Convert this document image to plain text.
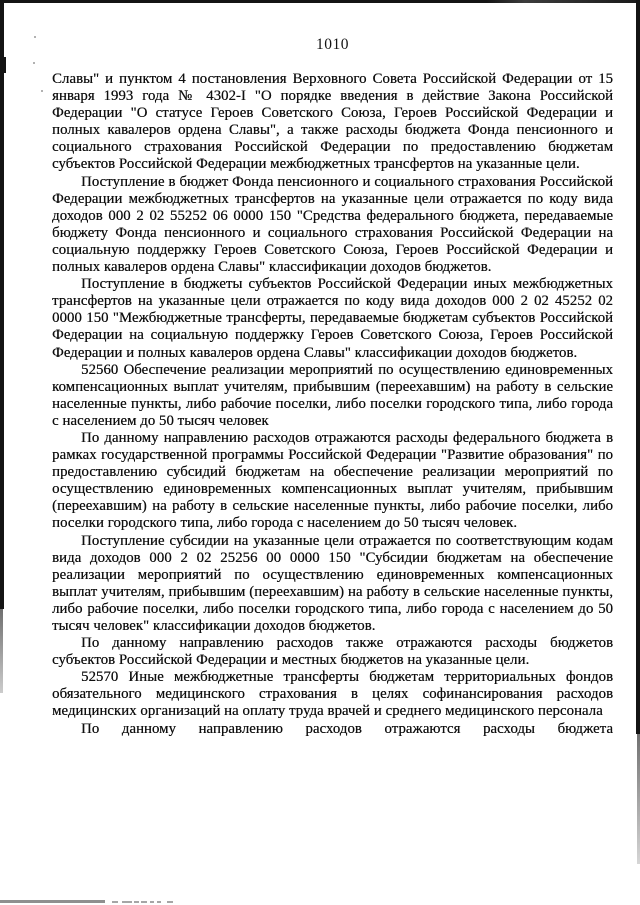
1010

Славы" и пунктом 4 постановления Верховного Совета Российской Федерации от 15 января 1993 года № 4302-I "О порядке введения в действие Закона Российской Федерации "О статусе Героев Советского Союза, Героев Российской Федерации и полных кавалеров ордена Славы", а также расходы бюджета Фонда пенсионного и социального страхования Российской Федерации по предоставлению бюджетам субъектов Российской Федерации межбюджетных трансфертов на указанные цели.

Поступление в бюджет Фонда пенсионного и социального страхования Российской Федерации межбюджетных трансфертов на указанные цели отражается по коду вида доходов 000 2 02 55252 06 0000 150 "Средства федерального бюджета, передаваемые бюджету Фонда пенсионного и социального страхования Российской Федерации на социальную поддержку Героев Советского Союза, Героев Российской Федерации и полных кавалеров ордена Славы" классификации доходов бюджетов.

Поступление в бюджеты субъектов Российской Федерации иных межбюджетных трансфертов на указанные цели отражается по коду вида доходов 000 2 02 45252 02 0000 150 "Межбюджетные трансферты, передаваемые бюджетам субъектов Российской Федерации на социальную поддержку Героев Советского Союза, Героев Российской Федерации и полных кавалеров ордена Славы" классификации доходов бюджетов.

52560 Обеспечение реализации мероприятий по осуществлению единовременных компенсационных выплат учителям, прибывшим (переехавшим) на работу в сельские населенные пункты, либо рабочие поселки, либо поселки городского типа, либо города с населением до 50 тысяч человек

По данному направлению расходов отражаются расходы федерального бюджета в рамках государственной программы Российской Федерации "Развитие образования" по предоставлению субсидий бюджетам на обеспечение реализации мероприятий по осуществлению единовременных компенсационных выплат учителям, прибывшим (переехавшим) на работу в сельские населенные пункты, либо рабочие поселки, либо поселки городского типа, либо города с населением до 50 тысяч человек.

Поступление субсидии на указанные цели отражается по соответствующим кодам вида доходов 000 2 02 25256 00 0000 150 "Субсидии бюджетам на обеспечение реализации мероприятий по осуществлению единовременных компенсационных выплат учителям, прибывшим (переехавшим) на работу в сельские населенные пункты, либо рабочие поселки, либо поселки городского типа, либо города с населением до 50 тысяч человек" классификации доходов бюджетов.

По данному направлению расходов также отражаются расходы бюджетов субъектов Российской Федерации и местных бюджетов на указанные цели.

52570 Иные межбюджетные трансферты бюджетам территориальных фондов обязательного медицинского страхования в целях софинансирования расходов медицинских организаций на оплату труда врачей и среднего медицинского персонала

По данному направлению расходов отражаются расходы бюджета
